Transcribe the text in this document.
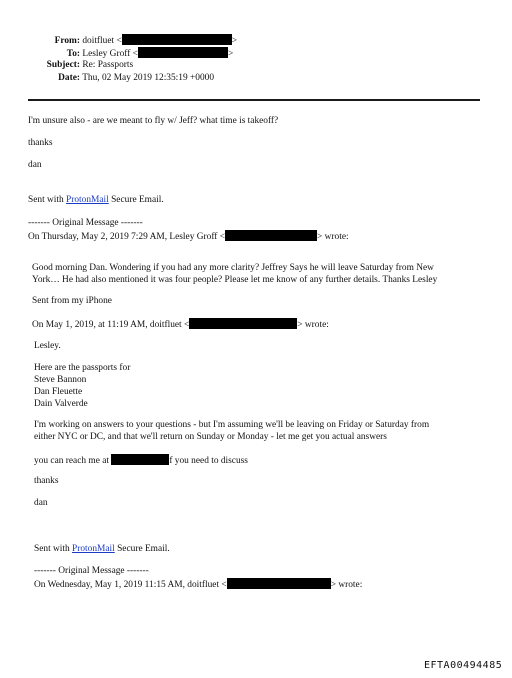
From: doitfluet <	>
To: Lesley Groff <	>
Subject: Re: Passports
Date: Thu, 02 May 2019 12:35:19 +0000
I'm unsure also - are we meant to fly w/ Jeff? what time is takeoff?
thanks
dan
Sent with ProtonMail Secure Email.
------- Original Message -------
On Thursday, May 2, 2019 7:29 AM, Lesley Groff <	> wrote:
Good morning Dan. Wondering if you had any more clarity? Jeffrey Says he will leave Saturday from New
York… He had also mentioned it was four people? Please let me know of any further details. Thanks Lesley
Sent from my iPhone
On May 1, 2019, at 11:19 AM, doitfluet <	> wrote:
Lesley.
Here are the passports for
Steve Bannon
Dan Fleuette
Dain Valverde
I'm working on answers to your questions - but I'm assuming we'll be leaving on Friday or Saturday from
either NYC or DC, and that we'll return on Sunday or Monday - let me get you actual answers
you can reach me at	f you need to discuss
thanks
dan
Sent with ProtonMail Secure Email.
------- Original Message -------
On Wednesday, May 1, 2019 11:15 AM, doitfluet <	> wrote:
EFTA00494485
